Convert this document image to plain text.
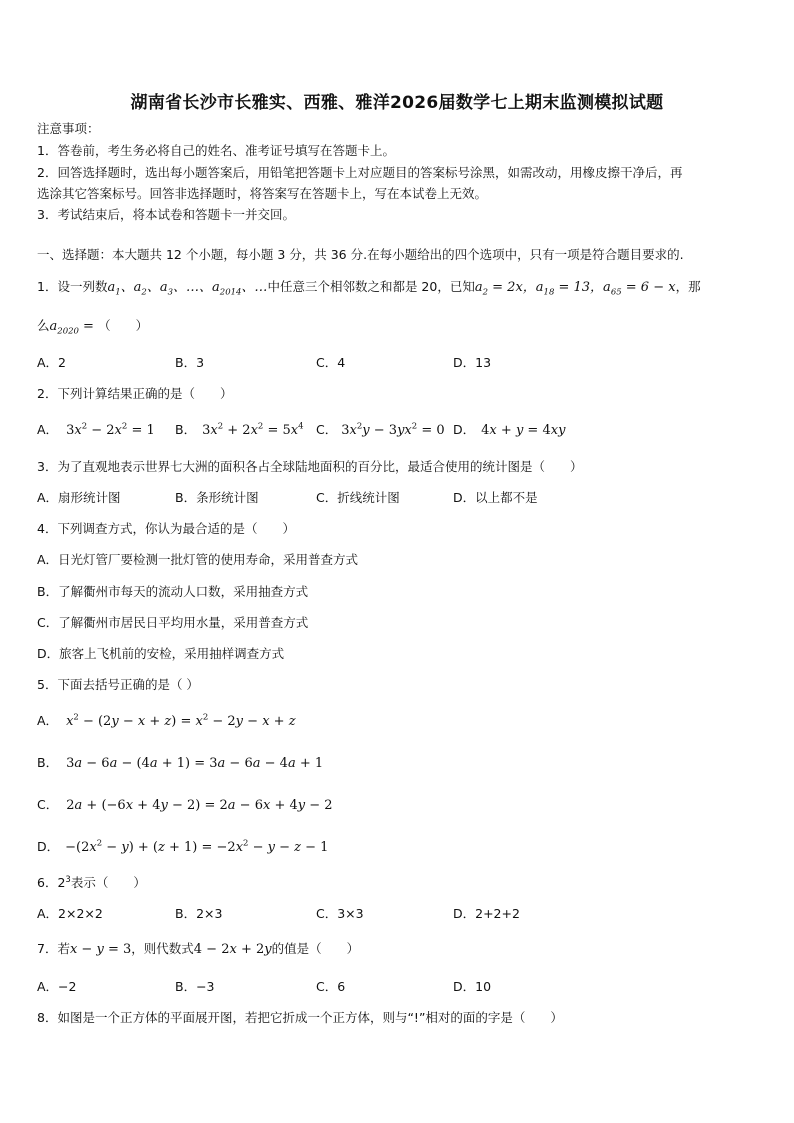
湖南省长沙市长雅实、西雅、雅洋2026届数学七上期末监测模拟试题
注意事项：
1．答卷前，考生务必将自己的姓名、准考证号填写在答题卡上。
2．回答选择题时，选出每小题答案后，用铅笔把答题卡上对应题目的答案标号涂黑，如需改动，用橡皮擦干净后，再
选涂其它答案标号。回答非选择题时，将答案写在答题卡上，写在本试卷上无效。
3．考试结束后，将本试卷和答题卡一并交回。
一、选择题：本大题共 12 个小题，每小题 3 分，共 36 分.在每小题给出的四个选项中，只有一项是符合题目要求的.
1．设一列数$a_1$、$a_2$、$a_3$、…、$a_{2014}$、…中任意三个相邻数之和都是 20，已知$a_2 = 2x$，$a_{18} = 13$，$a_{65} = 6 - x$，那
么$a_{2020}$ = （　　）
A．2	B．3	C．4	D．13
2．下列计算结果正确的是（　　）
A． $3x^2 - 2x^2 = 1$ B． $3x^2 + 2x^2 = 5x^4$ C． $3x^2y - 3yx^2 = 0$ D． 4x + y = 4xy
3．为了直观地表示世界七大洲的面积各占全球陆地面积的百分比，最适合使用的统计图是（　　）
A．扇形统计图	B．条形统计图	C．折线统计图	D．以上都不是
4．下列调查方式，你认为最合适的是（　　）
A．日光灯管厂要检测一批灯管的使用寿命，采用普查方式
B．了解衢州市每天的流动人口数，采用抽查方式
C．了解衢州市居民日平均用水量，采用普查方式
D．旅客上飞机前的安检，采用抽样调查方式
5．下面去括号正确的是（ ）
A． $x^2 - (2y - x + z) = x^2 - 2y - x + z$
B． 3a − 6a − (4a + 1) = 3a − 6a − 4a + 1
C． 2a + (−6x + 4y − 2) = 2a − 6x + 4y − 2
D． $-(2x^2 - y) + (z + 1) = -2x^2 - y - z - 1$
6．$2^3$表示（　　）
A．2×2×2	B．2×3	C．3×3	D．2+2+2
7．若x − y = 3，则代数式4 − 2x + 2y的值是（　　）
A．−2	B．−3	C．6	D．10
8．如图是一个正方体的平面展开图，若把它折成一个正方体，则与“!”相对的面的字是（　　）
